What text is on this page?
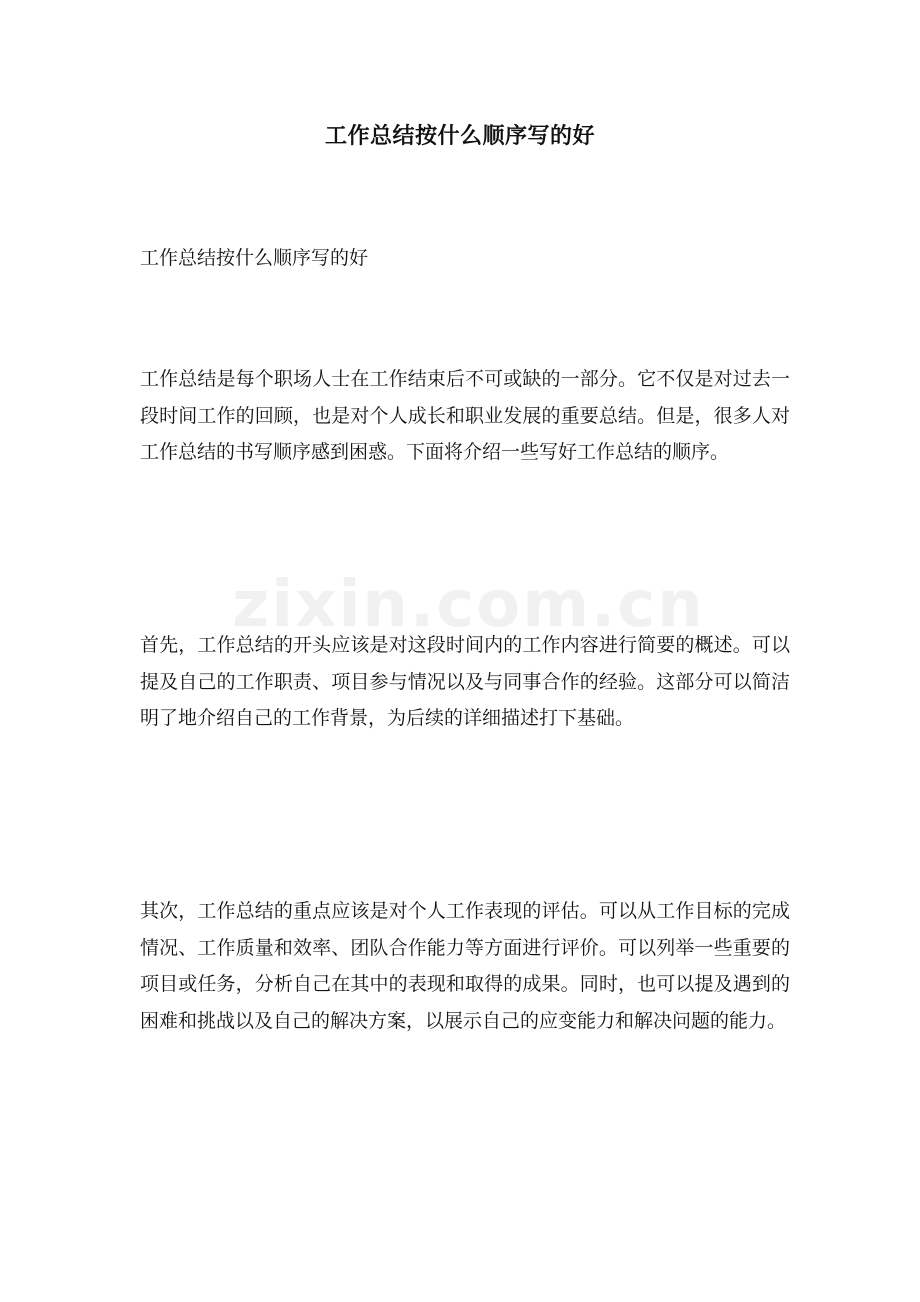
工作总结按什么顺序写的好
工作总结按什么顺序写的好

工作总结是每个职场人士在工作结束后不可或缺的一部分。它不仅是对过去一段时间工作的回顾，也是对个人成长和职业发展的重要总结。但是，很多人对工作总结的书写顺序感到困惑。下面将介绍一些写好工作总结的顺序。

首先，工作总结的开头应该是对这段时间内的工作内容进行简要的概述。可以提及自己的工作职责、项目参与情况以及与同事合作的经验。这部分可以简洁明了地介绍自己的工作背景，为后续的详细描述打下基础。

其次，工作总结的重点应该是对个人工作表现的评估。可以从工作目标的完成情况、工作质量和效率、团队合作能力等方面进行评价。可以列举一些重要的项目或任务，分析自己在其中的表现和取得的成果。同时，也可以提及遇到的困难和挑战以及自己的解决方案，以展示自己的应变能力和解决问题的能力。

zixin.com.cn
